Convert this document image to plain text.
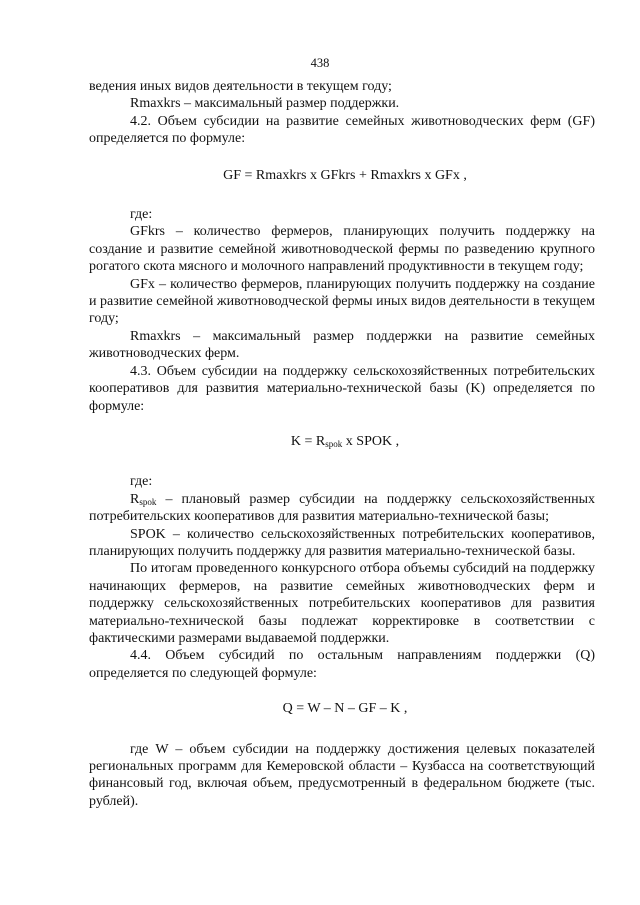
438

ведения иных видов деятельности в текущем году;

Rmaxkrs – максимальный размер поддержки.

4.2. Объем субсидии на развитие семейных животноводческих ферм (GF) определяется по формуле:

GF = Rmaxkrs x GFkrs + Rmaxkrs x GFx ,

где:

GFkrs – количество фермеров, планирующих получить поддержку на создание и развитие семейной животноводческой фермы по разведению крупного рогатого скота мясного и молочного направлений продуктивности в текущем году;

GFx – количество фермеров, планирующих получить поддержку на создание и развитие семейной животноводческой фермы иных видов деятельности в текущем году;

Rmaxkrs – максимальный размер поддержки на развитие семейных животноводческих ферм.

4.3. Объем субсидии на поддержку сельскохозяйственных потребительских кооперативов для развития материально-технической базы (K) определяется по формуле:

$K = R_{spok}$ x SPOK ,

где:

$R_{spok}$ – плановый размер субсидии на поддержку сельскохозяйственных потребительских кооперативов для развития материально-технической базы;

SPOK – количество сельскохозяйственных потребительских кооперативов, планирующих получить поддержку для развития материально-технической базы.

По итогам проведенного конкурсного отбора объемы субсидий на поддержку начинающих фермеров, на развитие семейных животноводческих ферм и поддержку сельскохозяйственных потребительских кооперативов для развития материально-технической базы подлежат корректировке в соответствии с фактическими размерами выдаваемой поддержки.

4.4. Объем субсидий по остальным направлениям поддержки (Q) определяется по следующей формуле:

Q = W – N – GF – K ,

где W – объем субсидии на поддержку достижения целевых показателей региональных программ для Кемеровской области – Кузбасса на соответствующий финансовый год, включая объем, предусмотренный в федеральном бюджете (тыс. рублей).
